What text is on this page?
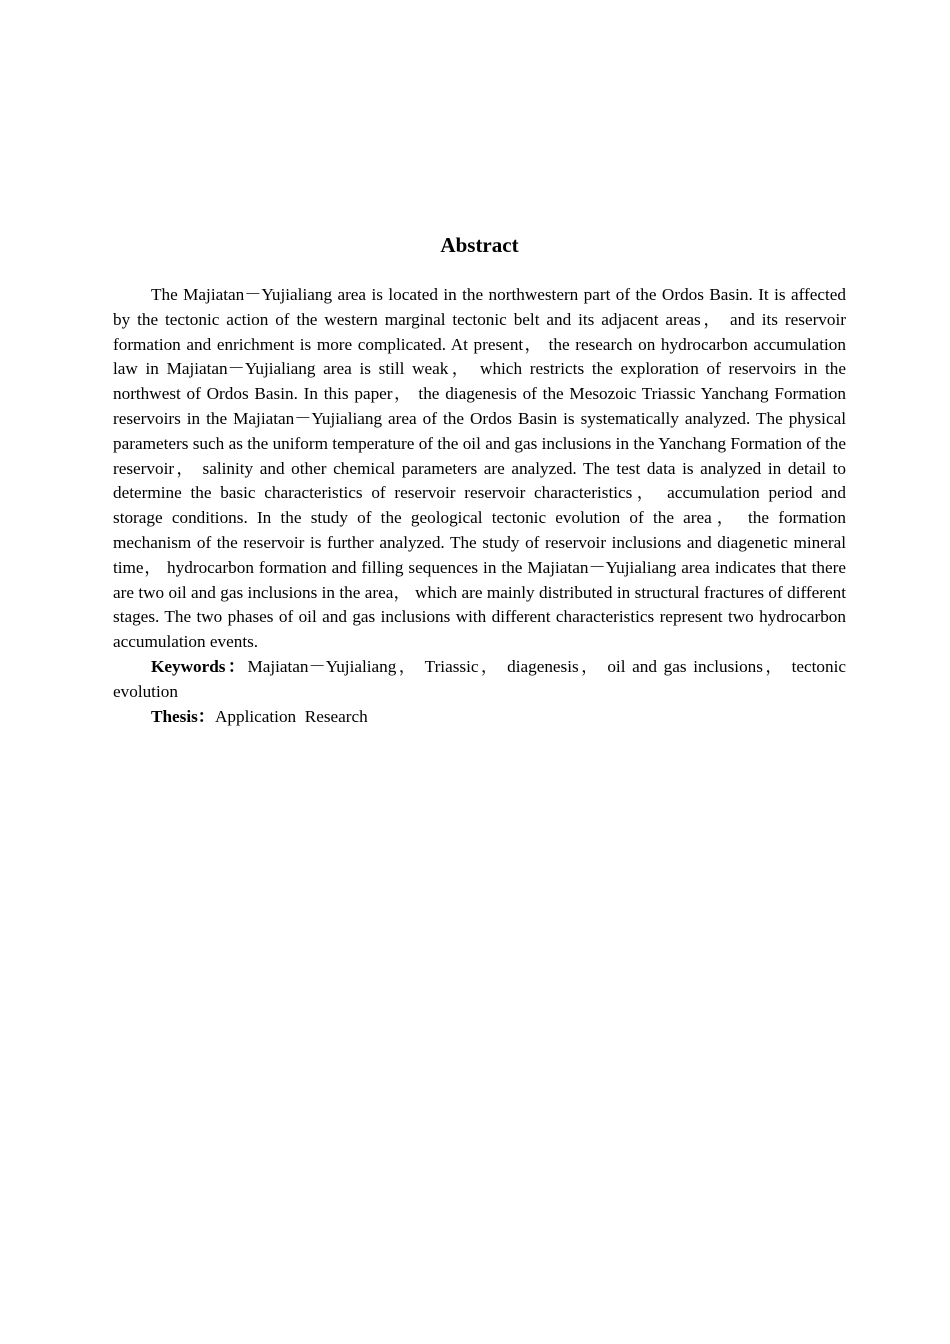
Abstract

The Majiatan－Yujialiang area is located in the northwestern part of the Ordos Basin. It is affected by the tectonic action of the western marginal tectonic belt and its adjacent areas， and its reservoir formation and enrichment is more complicated. At present， the research on hydrocarbon accumulation law in Majiatan－Yujialiang area is still weak， which restricts the exploration of reservoirs in the northwest of Ordos Basin. In this paper， the diagenesis of the Mesozoic Triassic Yanchang Formation reservoirs in the Majiatan－Yujialiang area of the Ordos Basin is systematically analyzed. The physical parameters such as the uniform temperature of the oil and gas inclusions in the Yanchang Formation of the reservoir， salinity and other chemical parameters are analyzed. The test data is analyzed in detail to determine the basic characteristics of reservoir reservoir characteristics， accumulation period and storage conditions. In the study of the geological tectonic evolution of the area， the formation mechanism of the reservoir is further analyzed. The study of reservoir inclusions and diagenetic mineral time， hydrocarbon formation and filling sequences in the Majiatan－Yujialiang area indicates that there are two oil and gas inclusions in the area， which are mainly distributed in structural fractures of different stages. The two phases of oil and gas inclusions with different characteristics represent two hydrocarbon accumulation events.

Keywords：Majiatan－Yujialiang， Triassic， diagenesis， oil and gas inclusions， tectonic evolution

Thesis：Application  Research
